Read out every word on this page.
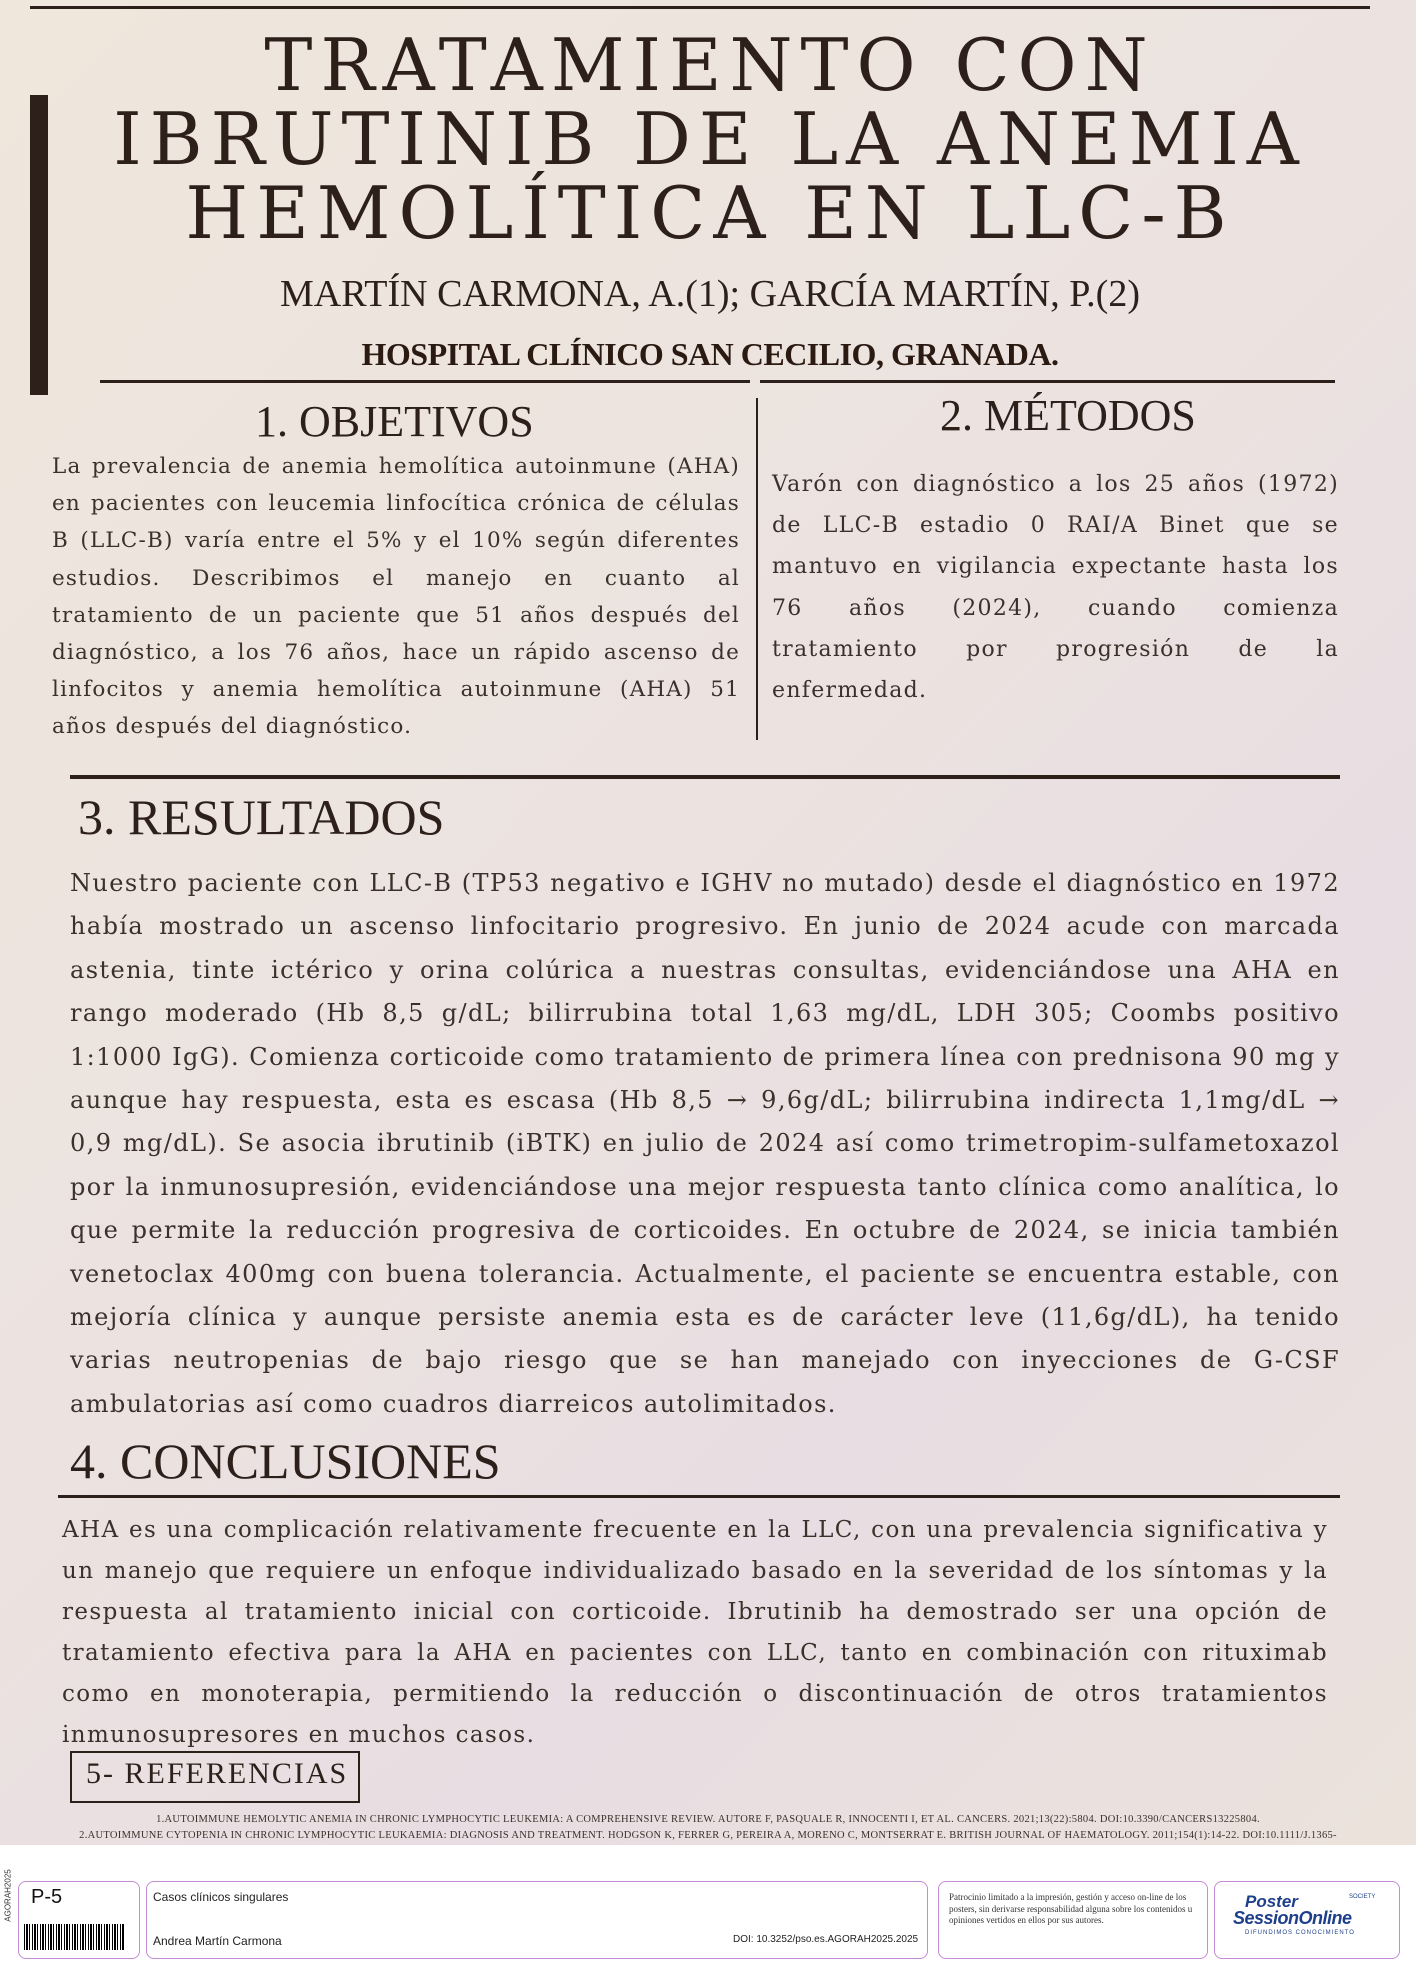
TRATAMIENTO CON IBRUTINIB DE LA ANEMIA HEMOLÍTICA EN LLC-B
MARTÍN CARMONA, A.(1); GARCÍA MARTÍN, P.(2)
HOSPITAL CLÍNICO SAN CECILIO, GRANADA.
1. OBJETIVOS

La prevalencia de anemia hemolítica autoinmune (AHA) en pacientes con leucemia linfocítica crónica de células B (LLC-B) varía entre el 5% y el 10% según diferentes estudios. Describimos el manejo en cuanto al tratamiento de un paciente que 51 años después del diagnóstico, a los 76 años, hace un rápido ascenso de linfocitos y anemia hemolítica autoinmune (AHA) 51 años después del diagnóstico.

2. MÉTODOS

Varón con diagnóstico a los 25 años (1972) de LLC-B estadio 0 RAI/A Binet que se mantuvo en vigilancia expectante hasta los 76 años (2024), cuando comienza tratamiento por progresión de la enfermedad.

3. RESULTADOS

Nuestro paciente con LLC-B (TP53 negativo e IGHV no mutado) desde el diagnóstico en 1972 había mostrado un ascenso linfocitario progresivo. En junio de 2024 acude con marcada astenia, tinte ictérico y orina colúrica a nuestras consultas, evidenciándose una AHA en rango moderado (Hb 8,5 g/dL; bilirrubina total 1,63 mg/dL, LDH 305; Coombs positivo 1:1000 IgG). Comienza corticoide como tratamiento de primera línea con prednisona 90 mg y aunque hay respuesta, esta es escasa (Hb 8,5 → 9,6g/dL; bilirrubina indirecta 1,1mg/dL → 0,9 mg/dL). Se asocia ibrutinib (iBTK) en julio de 2024 así como trimetropim-sulfametoxazol por la inmunosupresión, evidenciándose una mejor respuesta tanto clínica como analítica, lo que permite la reducción progresiva de corticoides. En octubre de 2024, se inicia también venetoclax 400mg con buena tolerancia. Actualmente, el paciente se encuentra estable, con mejoría clínica y aunque persiste anemia esta es de carácter leve (11,6g/dL), ha tenido varias neutropenias de bajo riesgo que se han manejado con inyecciones de G-CSF ambulatorias así como cuadros diarreicos autolimitados.

4. CONCLUSIONES

AHA es una complicación relativamente frecuente en la LLC, con una prevalencia significativa y un manejo que requiere un enfoque individualizado basado en la severidad de los síntomas y la respuesta al tratamiento inicial con corticoide. Ibrutinib ha demostrado ser una opción de tratamiento efectiva para la AHA en pacientes con LLC, tanto en combinación con rituximab como en monoterapia, permitiendo la reducción o discontinuación de otros tratamientos inmunosupresores en muchos casos.

5- REFERENCIAS
1.AUTOIMMUNE HEMOLYTIC ANEMIA IN CHRONIC LYMPHOCYTIC LEUKEMIA: A COMPREHENSIVE REVIEW. AUTORE F, PASQUALE R, INNOCENTI I, ET AL. CANCERS. 2021;13(22):5804. DOI:10.3390/CANCERS13225804.
2.AUTOIMMUNE CYTOPENIA IN CHRONIC LYMPHOCYTIC LEUKAEMIA: DIAGNOSIS AND TREATMENT. HODGSON K, FERRER G, PEREIRA A, MORENO C, MONTSERRAT E. BRITISH JOURNAL OF HAEMATOLOGY. 2011;154(1):14-22. DOI:10.1111/J.1365-
AGORAH2025 P-5	Casos clínicos singulares
Andrea Martín Carmona	DOI: 10.3252/pso.es.AGORAH2025.2025
Patrocinio limitado a la impresión, gestión y acceso on-line de los posters, sin derivarse responsabilidad alguna sobre los contenidos u opiniones vertidos en ellos por sus autores.
Poster	SOCIETY
SessionOnline
DIFUNDIMOS CONOCIMIENTO
